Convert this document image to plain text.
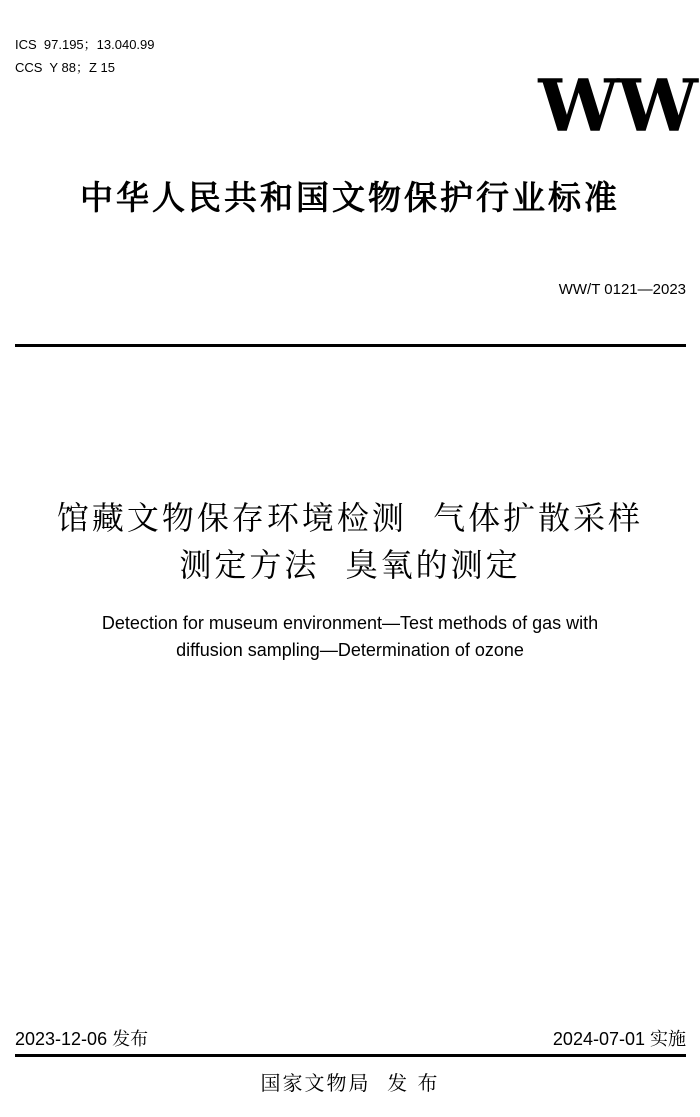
ICS  97.195；13.040.99
CCS  Y 88；Z 15	WW
中华人民共和国文物保护行业标准
WW/T 0121—2023
馆藏文物保存环境检测  气体扩散采样
测定方法  臭氧的测定
Detection for museum environment—Test methods of gas with
diffusion sampling—Determination of ozone
2023-12-06 发布	2024-07-01 实施
国家文物局  发 布
